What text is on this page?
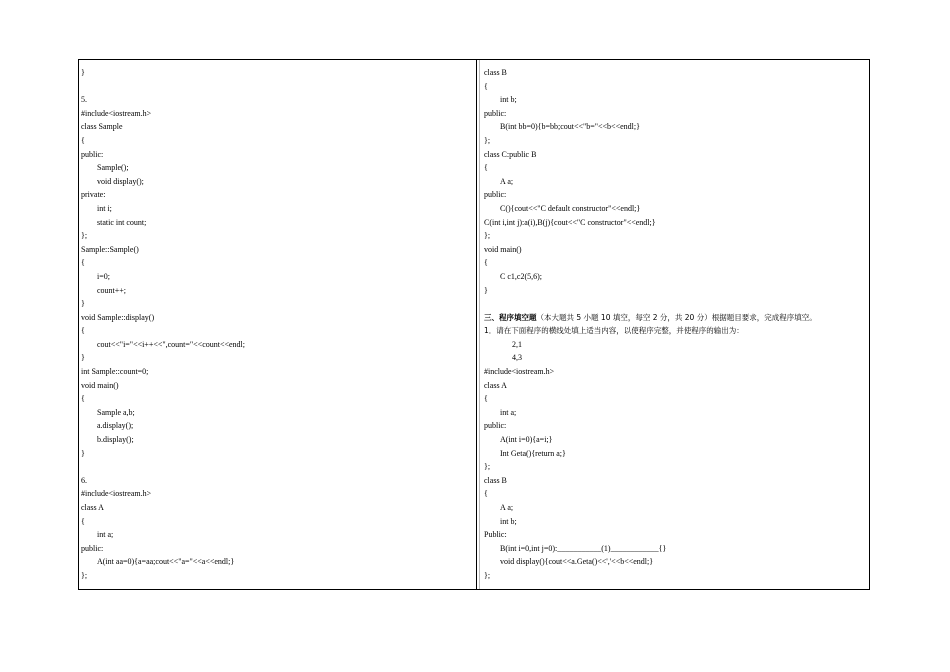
}
5.
#include<iostream.h>
class Sample
{
public:
Sample();
void display();
private:
int i;
static int count;
};
Sample::Sample()
{
i=0;
count++;
}
void Sample::display()
{
cout<<"i="<<i++<<",count="<<count<<endl;
}
int Sample::count=0;
void main()
{
Sample a,b;
a.display();
b.display();
}
6.
#include<iostream.h>
class A
{
int a;
public:
A(int aa=0){a=aa;cout<<"a="<<a<<endl;}
};
class B
{
int b;
public:
B(int bb=0){b=bb;cout<<"b="<<b<<endl;}
};
class C:public B
{
A a;
public:
C(){cout<<"C default constructor"<<endl;}
C(int i,int j):a(i),B(j){cout<<"C constructor"<<endl;}
};
void main()
{
C c1,c2(5,6);
}
三、程序填空题（本大题共 5 小题 10 填空，每空 2 分，共 20 分）根据题目要求，完成程序填空。
1．请在下面程序的横线处填上适当内容，以使程序完整，并使程序的输出为：
2,1
4,3
#include<iostream.h>
class A
{
int a;
public:
A(int i=0){a=i;}
Int Geta(){return a;}
};
class B
{
A a;
int b;
Public:
B(int i=0,int j=0):___________(1)____________{}
void display(){cout<<a.Geta()<<','<<b<<endl;}
};
